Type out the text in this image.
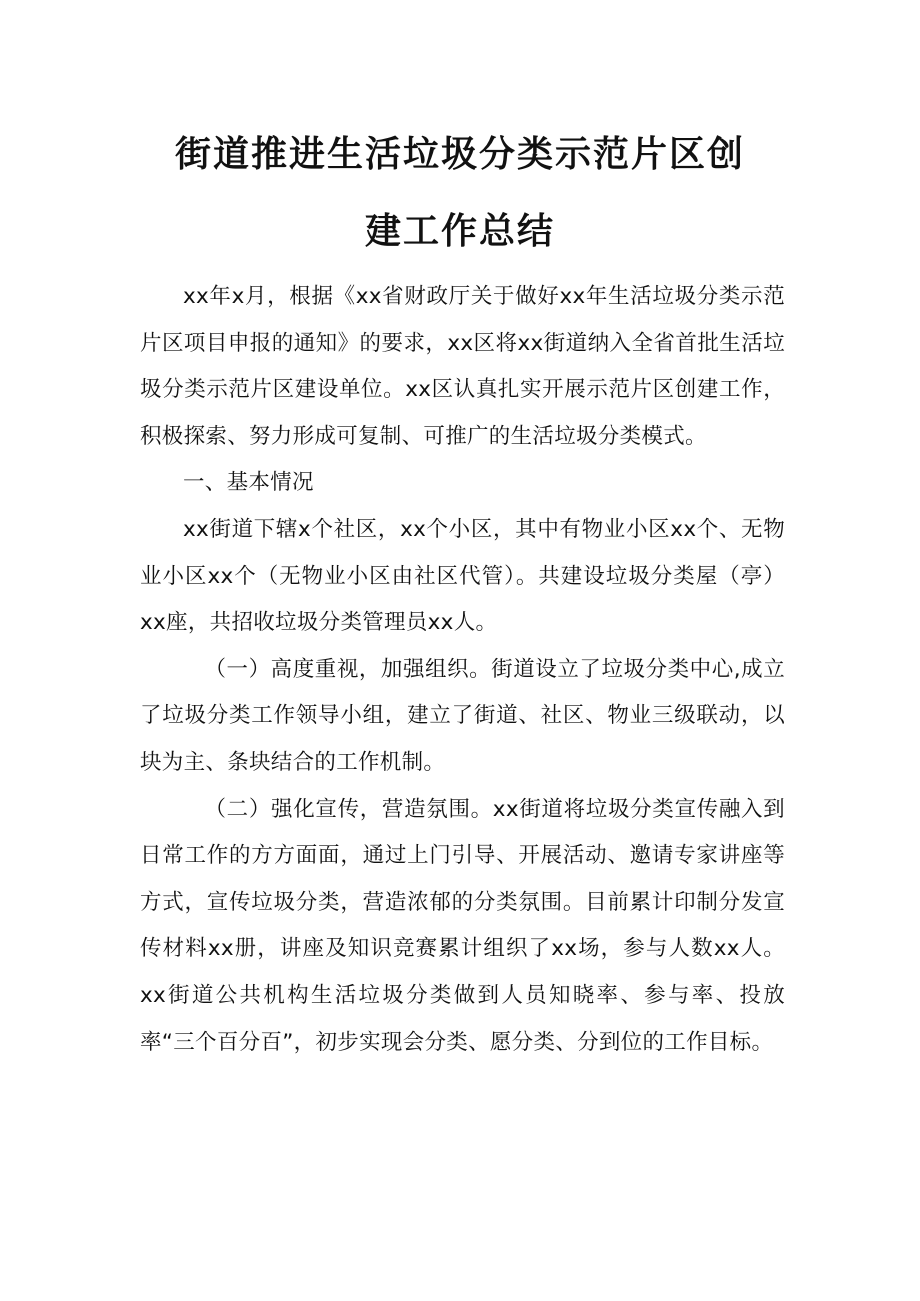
街道推进生活垃圾分类示范片区创
建工作总结

xx年x月，根据《xx省财政厅关于做好xx年生活垃圾分类示范片区项目申报的通知》的要求，xx区将xx街道纳入全省首批生活垃圾分类示范片区建设单位。xx区认真扎实开展示范片区创建工作，积极探索、努力形成可复制、可推广的生活垃圾分类模式。

一、基本情况

xx街道下辖x个社区，xx个小区，其中有物业小区xx个、无物业小区xx个（无物业小区由社区代管）。共建设垃圾分类屋（亭）xx座，共招收垃圾分类管理员xx人。

（一）高度重视，加强组织。街道设立了垃圾分类中心,成立了垃圾分类工作领导小组，建立了街道、社区、物业三级联动，以块为主、条块结合的工作机制。

（二）强化宣传，营造氛围。xx街道将垃圾分类宣传融入到日常工作的方方面面，通过上门引导、开展活动、邀请专家讲座等方式，宣传垃圾分类，营造浓郁的分类氛围。目前累计印制分发宣传材料xx册，讲座及知识竞赛累计组织了xx场，参与人数xx人。xx街道公共机构生活垃圾分类做到人员知晓率、参与率、投放率“三个百分百”，初步实现会分类、愿分类、分到位的工作目标。
